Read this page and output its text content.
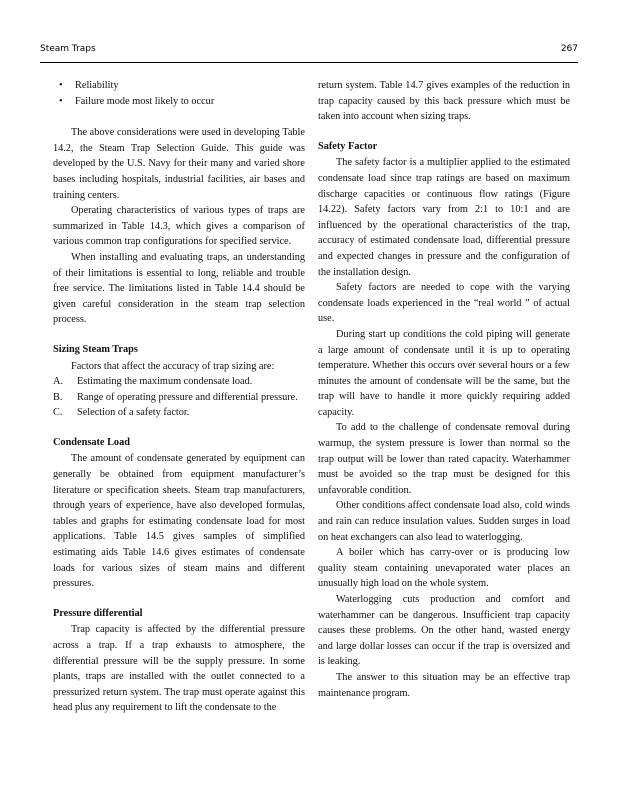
Steam Traps	267
• Reliability
• Failure mode most likely to occur

The above considerations were used in developing Table 14.2, the Steam Trap Selection Guide. This guide was developed by the U.S. Navy for their many and varied shore bases including hospitals, industrial facilities, air bases and training centers.

Operating characteristics of various types of traps are summarized in Table 14.3, which gives a comparison of various common trap configurations for specified service.

When installing and evaluating traps, an understanding of their limitations is essential to long, reliable and trouble free service. The limitations listed in Table 14.4 should be given careful consideration in the steam trap selection process.

Sizing Steam Traps

Factors that affect the accuracy of trap sizing are:

A. Estimating the maximum condensate load.
B. Range of operating pressure and differential pressure.
C. Selection of a safety factor.
Condensate Load

The amount of condensate generated by equipment can generally be obtained from equipment manufacturer’s literature or specification sheets. Steam trap manufacturers, through years of experience, have also developed formulas, tables and graphs for estimating condensate load for most applications. Table 14.5 gives samples of simplified estimating aids Table 14.6 gives estimates of condensate loads for various sizes of steam mains and different pressures.

Pressure differential

Trap capacity is affected by the differential pressure across a trap. If a trap exhausts to atmosphere, the differential pressure will be the supply pressure. In some plants, traps are installed with the outlet connected to a pressurized return system. The trap must operate against this head plus any requirement to lift the condensate to the

return system. Table 14.7 gives examples of the reduction in trap capacity caused by this back pressure which must be taken into account when sizing traps.

Safety Factor

The safety factor is a multiplier applied to the estimated condensate load since trap ratings are based on maximum discharge capacities or continuous flow ratings (Figure 14.22). Safety factors vary from 2:1 to 10:1 and are influenced by the operational characteristics of the trap, accuracy of estimated condensate load, differential pressure and expected changes in pressure and the configuration of the installation design.

Safety factors are needed to cope with the varying condensate loads experienced in the “real world ” of actual use.

During start up conditions the cold piping will generate a large amount of condensate until it is up to operating temperature. Whether this occurs over several hours or a few minutes the amount of condensate will be the same, but the trap will have to handle it more quickly requiring added capacity.

To add to the challenge of condensate removal during warmup, the system pressure is lower than normal so the trap output will be lower than rated capacity. Waterhammer must be avoided so the trap must be designed for this unfavorable condition.

Other conditions affect condensate load also, cold winds and rain can reduce insulation values. Sudden surges in load on heat exchangers can also lead to waterlogging.

A boiler which has carry-over or is producing low quality steam containing unevaporated water places an unusually high load on the whole system.

Waterlogging cuts production and comfort and waterhammer can be dangerous. Insufficient trap capacity causes these problems. On the other hand, wasted energy and large dollar losses can occur if the trap is oversized and is leaking.

The answer to this situation may be an effective trap maintenance program.
